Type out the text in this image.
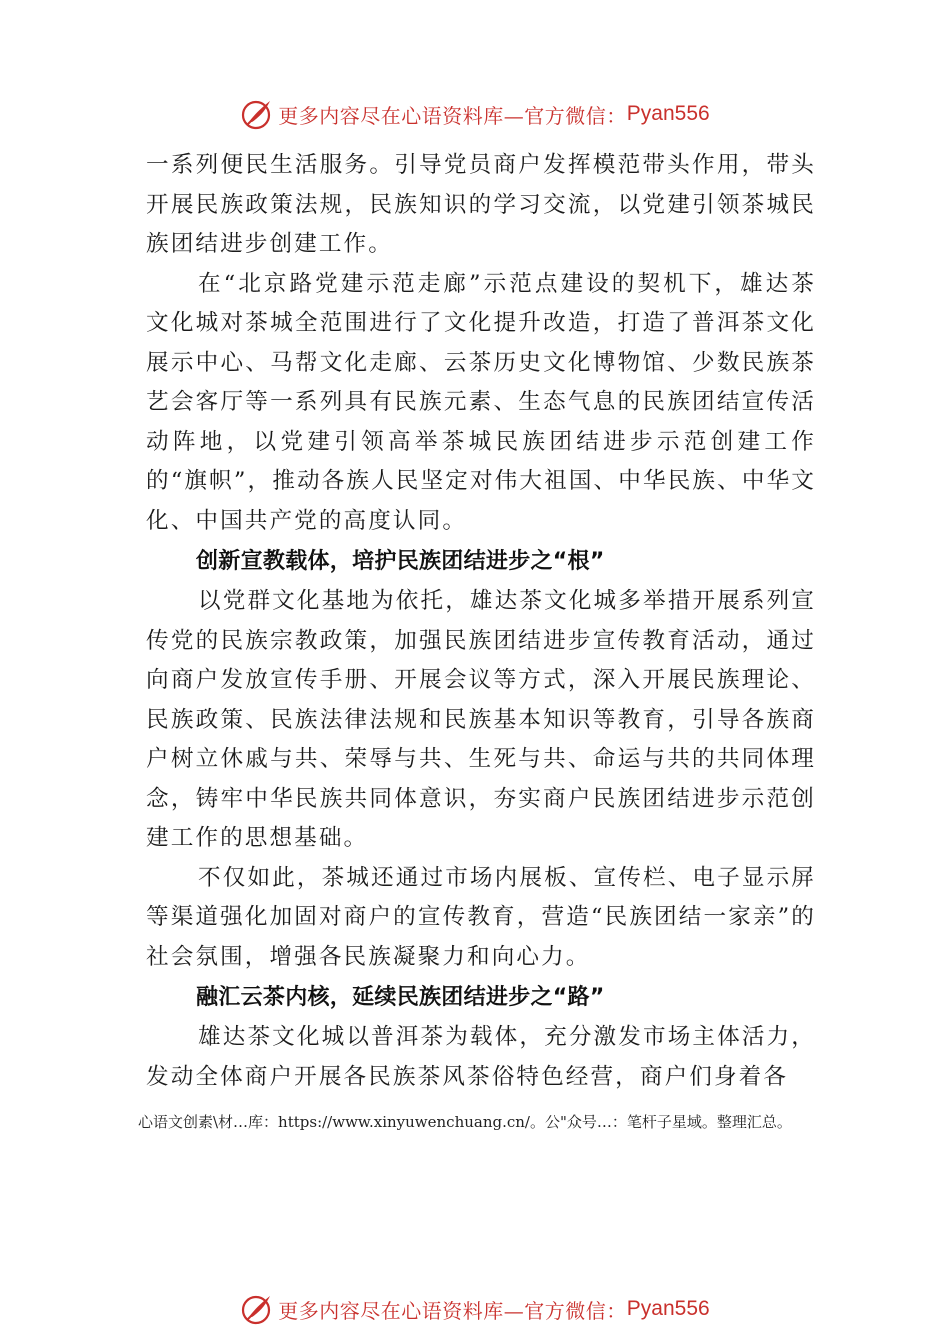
更多内容尽在心语资料库—官方微信： Pyan556

一系列便民生活服务。引导党员商户发挥模范带头作用，带头开展民族政策法规，民族知识的学习交流，以党建引领茶城民族团结进步创建工作。

在“北京路党建示范走廊”示范点建设的契机下，雄达茶文化城对茶城全范围进行了文化提升改造，打造了普洱茶文化展示中心、马帮文化走廊、云茶历史文化博物馆、少数民族茶艺会客厅等一系列具有民族元素、生态气息的民族团结宣传活动阵地，以党建引领高举茶城民族团结进步示范创建工作的“旗帜”，推动各族人民坚定对伟大祖国、中华民族、中华文化、中国共产党的高度认同。

创新宣教载体，培护民族团结进步之“根”

以党群文化基地为依托，雄达茶文化城多举措开展系列宣传党的民族宗教政策，加强民族团结进步宣传教育活动，通过向商户发放宣传手册、开展会议等方式，深入开展民族理论、民族政策、民族法律法规和民族基本知识等教育，引导各族商户树立休戚与共、荣辱与共、生死与共、命运与共的共同体理念，铸牢中华民族共同体意识，夯实商户民族团结进步示范创建工作的思想基础。

不仅如此，茶城还通过市场内展板、宣传栏、电子显示屏等渠道强化加固对商户的宣传教育，营造“民族团结一家亲”的社会氛围，增强各民族凝聚力和向心力。

融汇云茶内核，延续民族团结进步之“路”

雄达茶文化城以普洱茶为载体，充分激发市场主体活力，发动全体商户开展各民族茶风茶俗特色经营，商户们身着各

心语文创素\材…库：https://www.xinyuwenchuang.cn/。公"众号…：笔杆子星域。整理汇总。

更多内容尽在心语资料库—官方微信： Pyan556
